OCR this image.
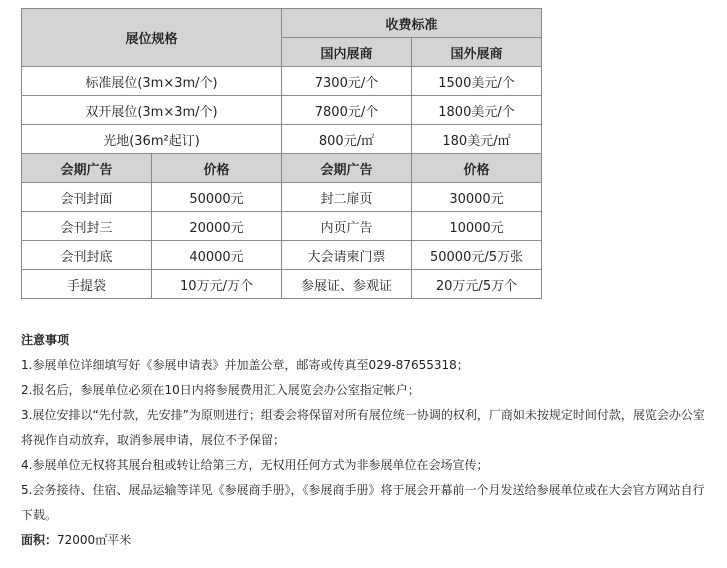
展位规格		收费标准	
		国内展商	国外展商
标准展位(3m×3m/个)		7300元/个	1500美元/个
双开展位(3m×3m/个)		7800元/个	1800美元/个
光地(36m²起订)		800元/㎡	180美元/㎡
会期广告	价格	会期广告	价格
会刊封面	50000元	封二扉页	30000元
会刊封三	20000元	内页广告	10000元
会刊封底	40000元	大会请柬门票	50000元/5万张
手提袋	10万元/万个	参展证、参观证	20万元/5万个

注意事项

1.参展单位详细填写好《参展申请表》并加盖公章，邮寄或传真至029-87655318；

2.报名后，参展单位必须在10日内将参展费用汇入展览会办公室指定帐户；

3.展位安排以“先付款，先安排”为原则进行；组委会将保留对所有展位统一协调的权利，厂商如未按规定时间付款，展览会办公室将视作自动放弃，取消参展申请，展位不予保留；

4.参展单位无权将其展台租或转让给第三方，无权用任何方式为非参展单位在会场宣传；

5.会务接待、住宿、展品运输等详见《参展商手册》，《参展商手册》将于展会开幕前一个月发送给参展单位或在大会官方网站自行下载。

面积：72000㎡平米
